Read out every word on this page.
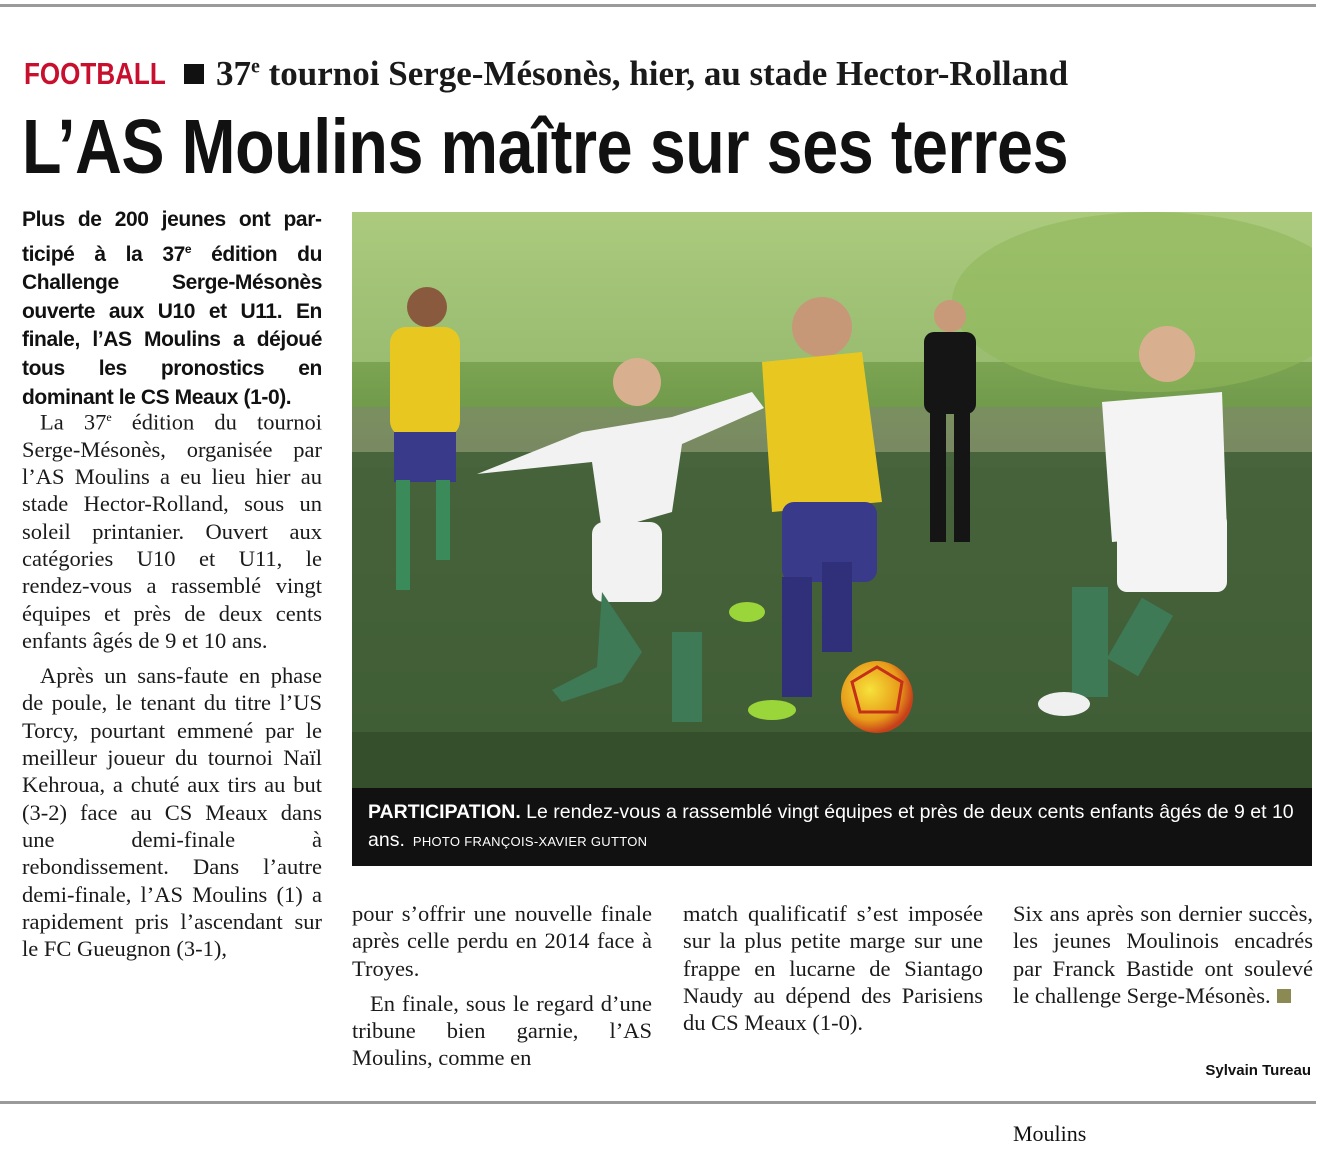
FOOTBALL 37e tournoi Serge-Mésonès, hier, au stade Hector-Rolland
L’AS Moulins maître sur ses terres

Plus de 200 jeunes ont participé à la 37e édition du Challenge Serge-Mésonès ouverte aux U10 et U11. En finale, l’AS Moulins a déjoué tous les pronostics en dominant le CS Meaux (1-0).

La 37e édition du tournoi Serge-Mésonès, organisée par l’AS Moulins a eu lieu hier au stade Hector-Rolland, sous un soleil printanier. Ouvert aux catégories U10 et U11, le rendez-vous a rassemblé vingt équipes et près de deux cents enfants âgés de 9 et 10 ans.

Après un sans-faute en phase de poule, le tenant du titre l’US Torcy, pourtant emmené par le meilleur joueur du tournoi Naïl Kehroua, a chuté aux tirs au but (3-2) face au CS Meaux dans une demi-finale à rebondissement. Dans l’autre demi-finale, l’AS Moulins (1) a rapidement pris l’ascendant sur le FC Gueugnon (3-1),

PARTICIPATION. Le rendez-vous a rassemblé vingt équipes et près de deux cents enfants âgés de 9 et 10 ans. PHOTO FRANÇOIS-XAVIER GUTTON

pour s’offrir une nouvelle finale après celle perdu en 2014 face à Troyes.

En finale, sous le regard d’une tribune bien garnie, l’AS Moulins, comme en

match qualificatif s’est imposée sur la plus petite marge sur une frappe en lucarne de Siantago Naudy au dépend des Parisiens du CS Meaux (1-0).

Six ans après son dernier succès, les jeunes Moulinois encadrés par Franck Bastide ont soulevé le challenge Serge-Mésonès.

Sylvain Tureau
Moulins
